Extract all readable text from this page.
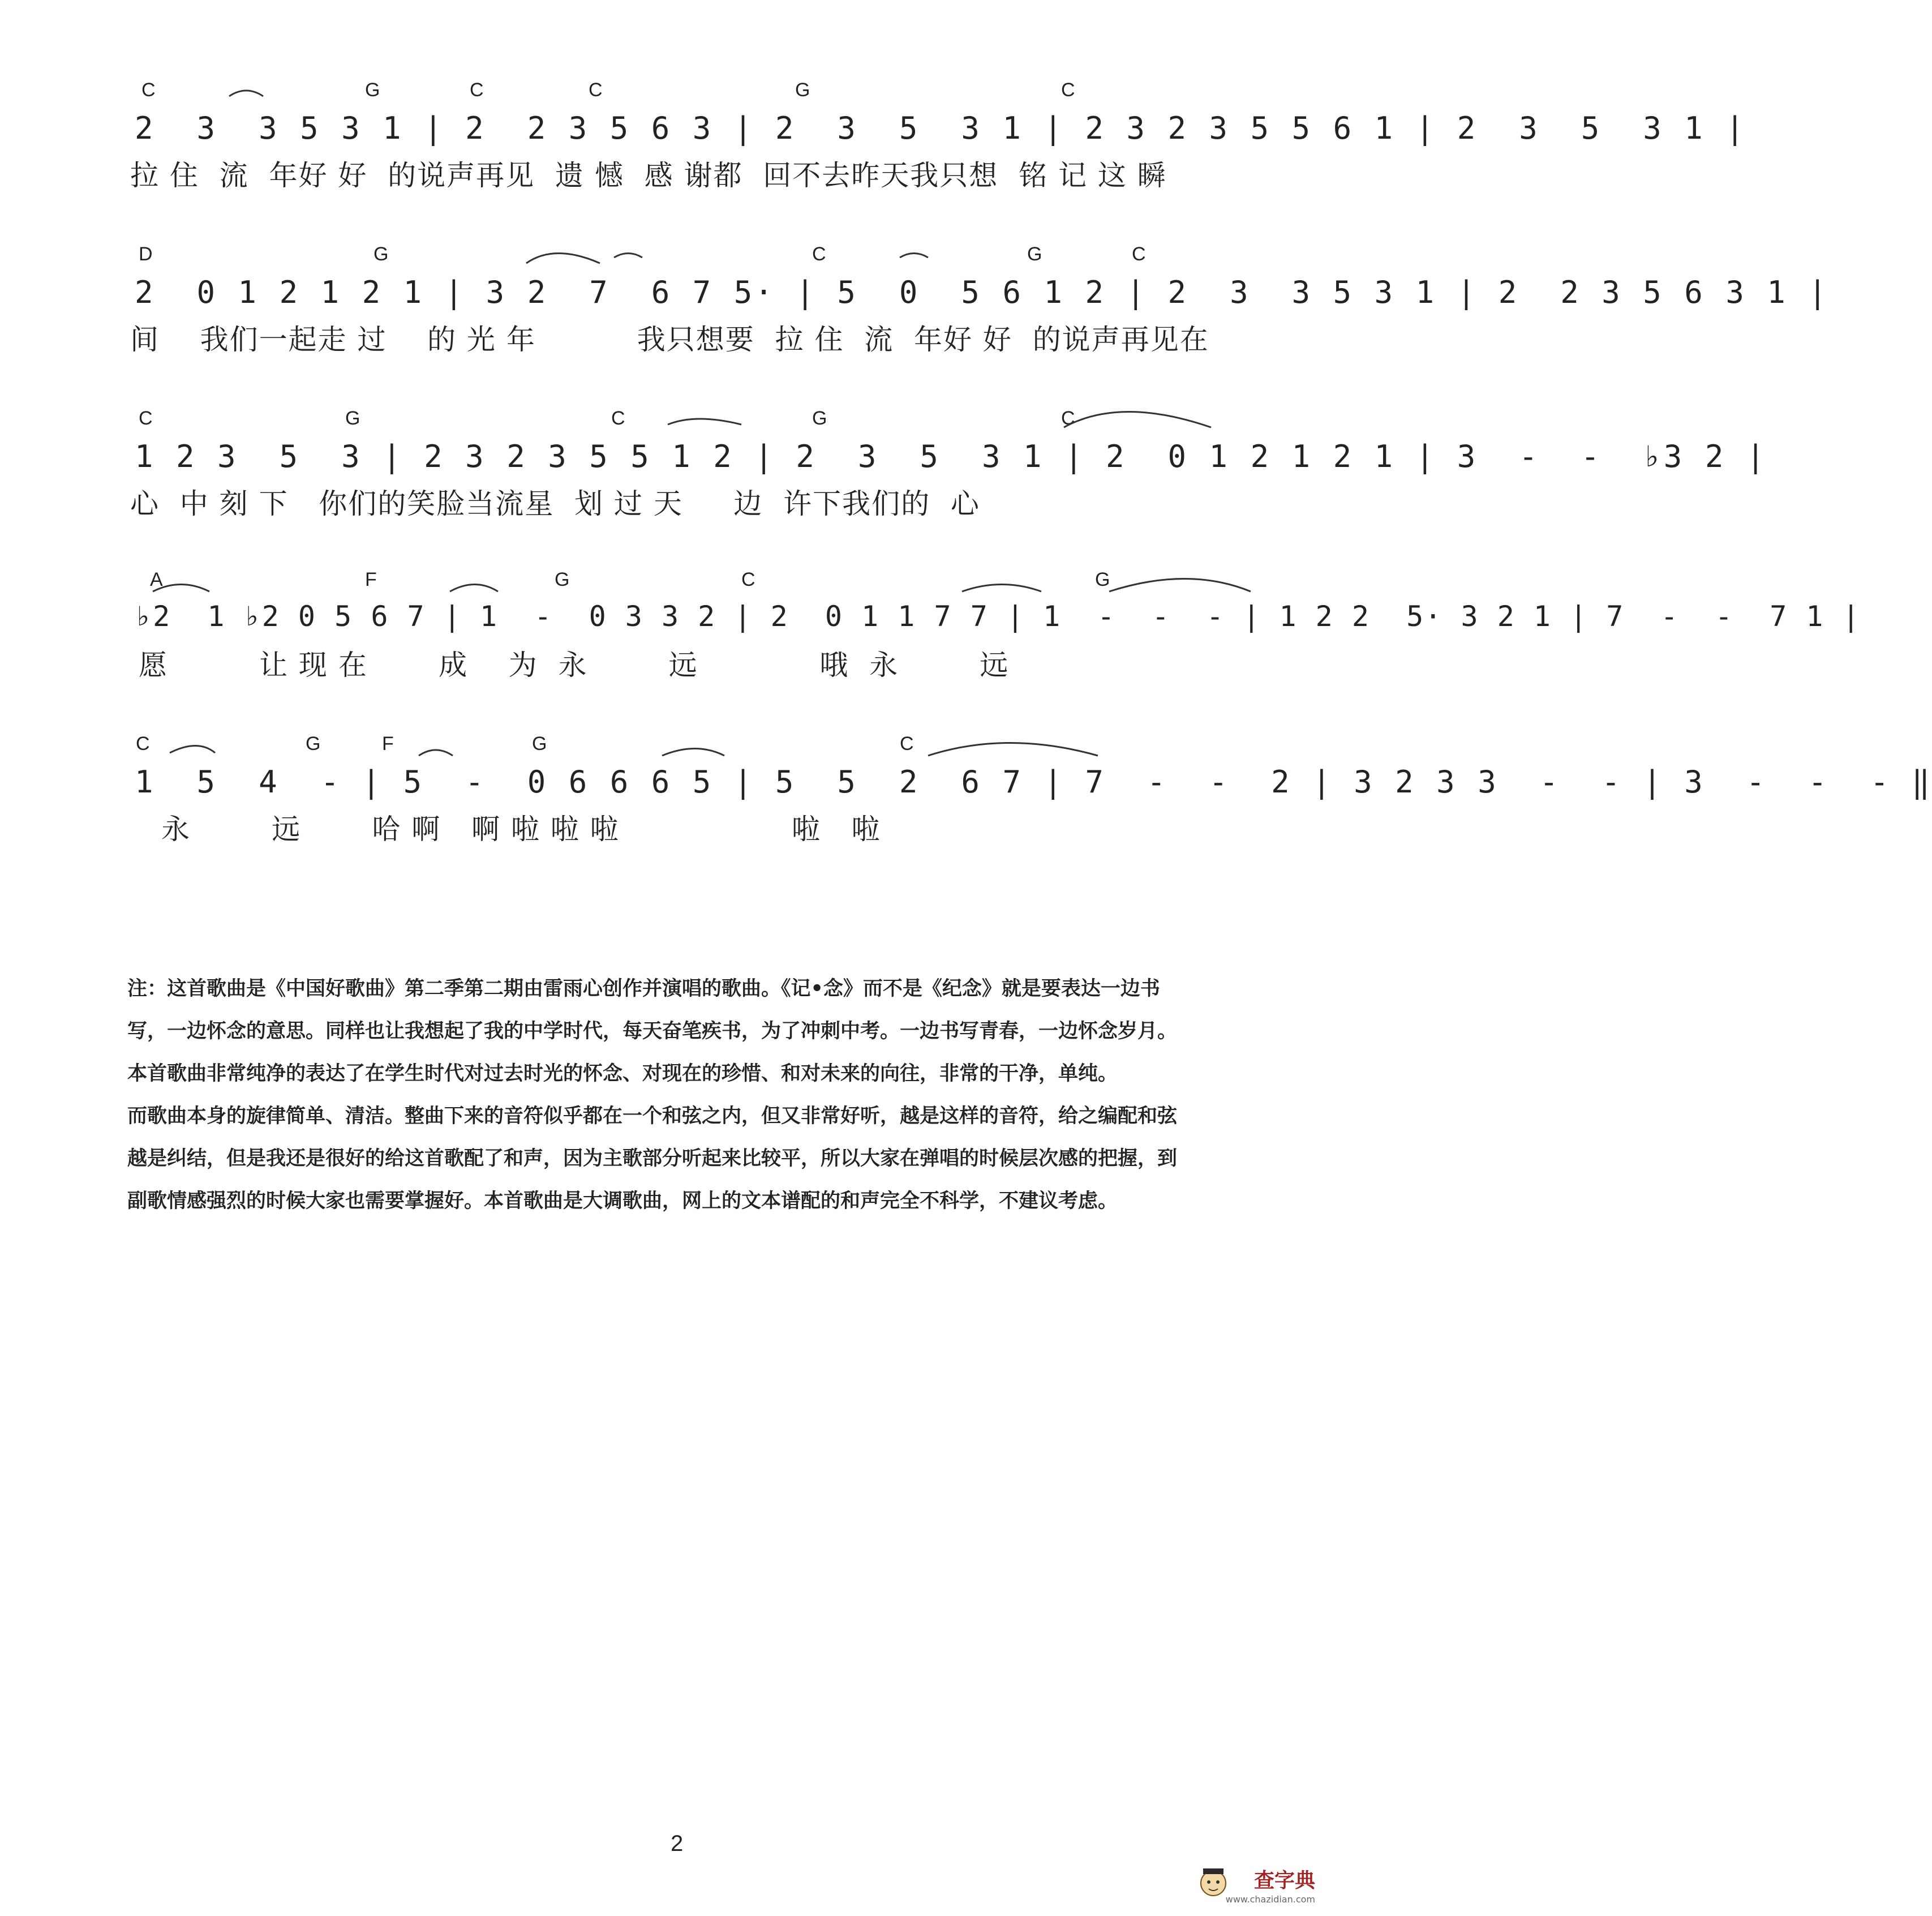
C	G	C	C	G	C
2  3  3 5 3 1 | 2  2 3 5 6 3 | 2  3  5  3 1 | 2 3 2 3 5 5 6 1 | 2  3  5  3 1 |
拉 住  流  年好 好  的说声再见  遗 憾  感 谢都  回不去昨天我只想  铭 记 这 瞬
D	G	C	G	C
2  0 1 2 1 2 1 | 3 2  7  6 7 5· | 5  0  5 6 1 2 | 2  3  3 5 3 1 | 2  2 3 5 6 3 1 |
间    我们一起走 过    的 光 年          我只想要  拉 住  流  年好 好  的说声再见在
C	G	C	G	C
1 2 3  5  3 | 2 3 2 3 5 5 1 2 | 2  3  5  3 1 | 2  0 1 2 1 2 1 | 3  -  -  ♭3 2 |
心  中 刻 下   你们的笑脸当流星  划 过 天     边  许下我们的  心
A	F	G	C	G
♭2  1 ♭2 0 5 6 7 | 1  -  0 3 3 2 | 2  0 1 1 7 7 | 1  -  -  - | 1 2 2  5· 3 2 1 | 7  -  -  7 1 |
愿         让 现 在       成    为  永        远            哦  永        远
C	G	F	G	C
1  5  4  - | 5  -  0 6 6 6 5 | 5  5  2  6 7 | 7  -  -  2 | 3 2 3 3  -  - | 3  -  -  - ‖
永        远       哈 啊   啊 啦 啦 啦                 啦   啦
注：这首歌曲是《中国好歌曲》第二季第二期由雷雨心创作并演唱的歌曲。《记•念》而不是《纪念》就是要表达一边书
写，一边怀念的意思。同样也让我想起了我的中学时代，每天奋笔疾书，为了冲刺中考。一边书写青春，一边怀念岁月。
本首歌曲非常纯净的表达了在学生时代对过去时光的怀念、对现在的珍惜、和对未来的向往，非常的干净，单纯。
而歌曲本身的旋律简单、清洁。整曲下来的音符似乎都在一个和弦之内，但又非常好听，越是这样的音符，给之编配和弦
越是纠结，但是我还是很好的给这首歌配了和声，因为主歌部分听起来比较平，所以大家在弹唱的时候层次感的把握，到
副歌情感强烈的时候大家也需要掌握好。本首歌曲是大调歌曲，网上的文本谱配的和声完全不科学，不建议考虑。
2
查字典
www.chazidian.com
